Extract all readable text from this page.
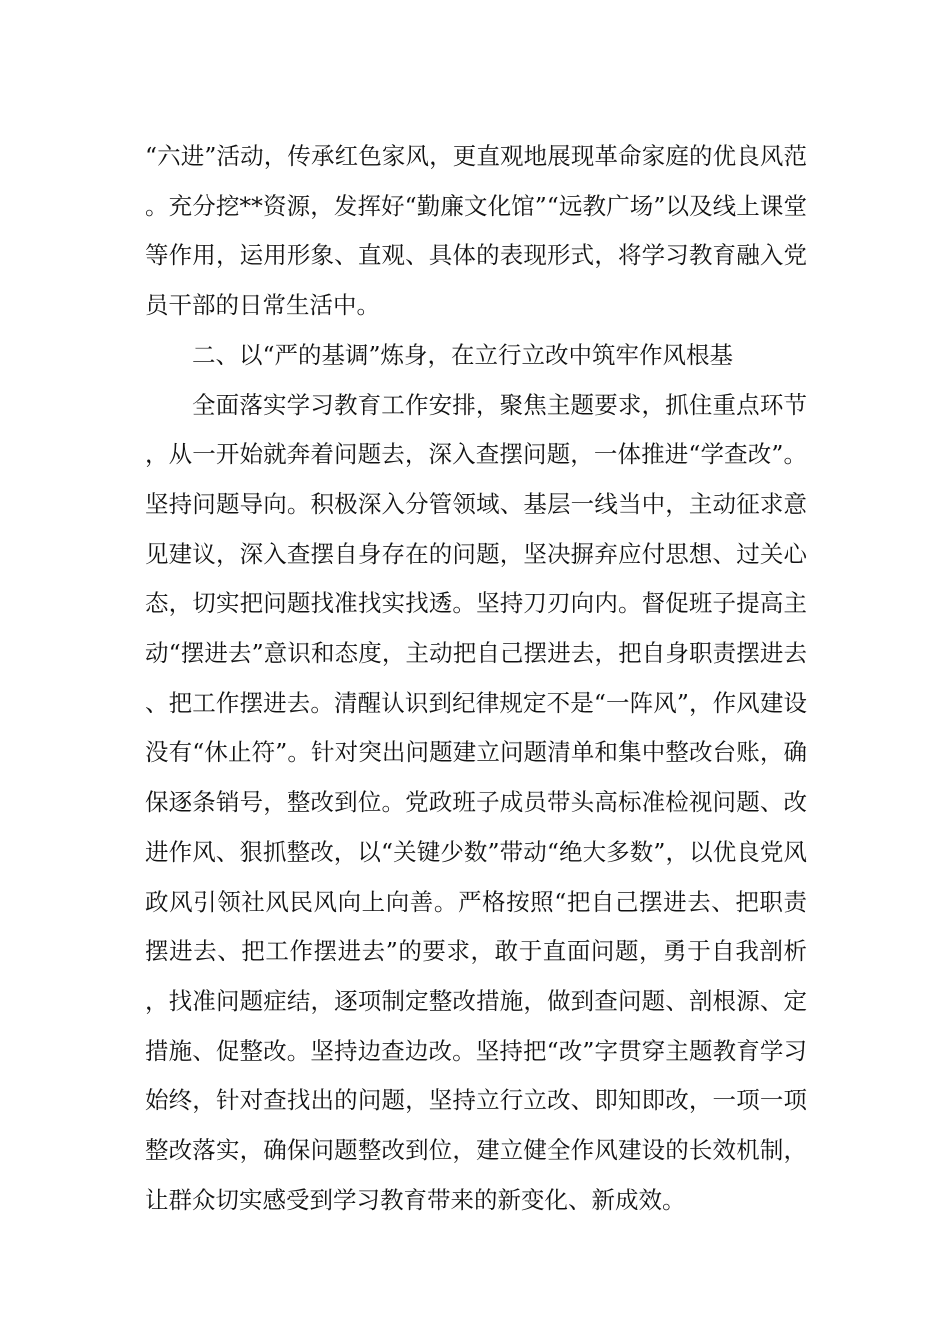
“六进”活动，传承红色家风，更直观地展现革命家庭的优良风范。充分挖**资源，发挥好“勤廉文化馆”“远教广场”以及线上课堂等作用，运用形象、直观、具体的表现形式，将学习教育融入党员干部的日常生活中。

二、以“严的基调”炼身，在立行立改中筑牢作风根基

全面落实学习教育工作安排，聚焦主题要求，抓住重点环节，从一开始就奔着问题去，深入查摆问题，一体推进“学查改”。坚持问题导向。积极深入分管领域、基层一线当中，主动征求意见建议，深入查摆自身存在的问题，坚决摒弃应付思想、过关心态，切实把问题找准找实找透。坚持刀刃向内。督促班子提高主动“摆进去”意识和态度，主动把自己摆进去，把自身职责摆进去、把工作摆进去。清醒认识到纪律规定不是“一阵风”，作风建设没有“休止符”。针对突出问题建立问题清单和集中整改台账，确保逐条销号，整改到位。党政班子成员带头高标准检视问题、改进作风、狠抓整改，以“关键少数”带动“绝大多数”，以优良党风政风引领社风民风向上向善。严格按照“把自己摆进去、把职责摆进去、把工作摆进去”的要求，敢于直面问题，勇于自我剖析，找准问题症结，逐项制定整改措施，做到查问题、剖根源、定措施、促整改。坚持边查边改。坚持把“改”字贯穿主题教育学习始终，针对查找出的问题，坚持立行立改、即知即改，一项一项整改落实，确保问题整改到位，建立健全作风建设的长效机制，让群众切实感受到学习教育带来的新变化、新成效。
